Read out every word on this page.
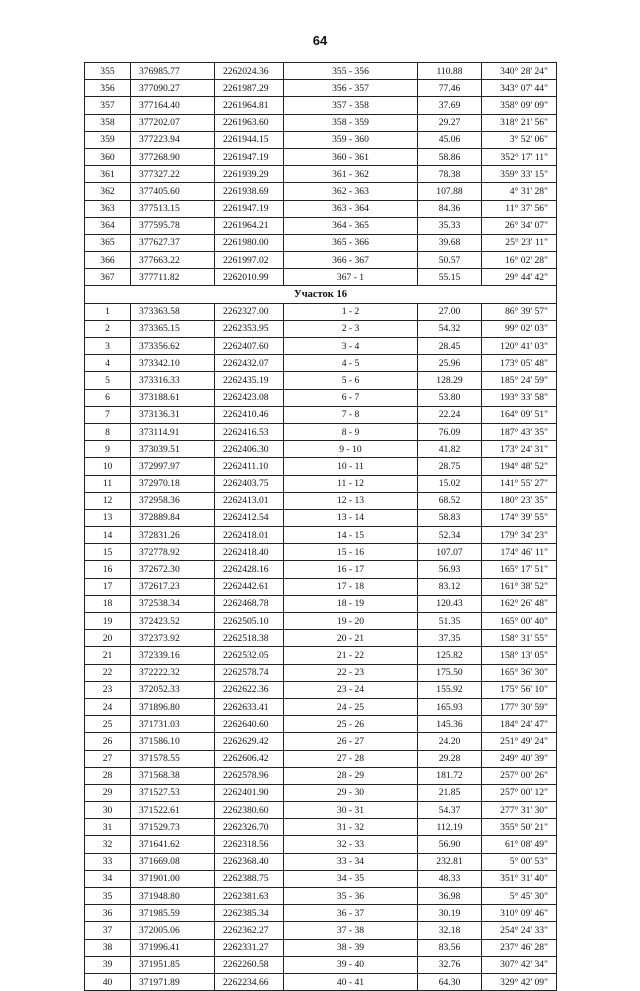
64
355	376985.77	2262024.36	355 - 356	110.88	340° 28' 24"
356	377090.27	2261987.29	356 - 357	77.46	343° 07' 44"
357	377164.40	2261964.81	357 - 358	37.69	358° 09' 09"
358	377202.07	2261963.60	358 - 359	29.27	318° 21' 56"
359	377223.94	2261944.15	359 - 360	45.06	3° 52' 06"
360	377268.90	2261947.19	360 - 361	58.86	352° 17' 11"
361	377327.22	2261939.29	361 - 362	78.38	359° 33' 15"
362	377405.60	2261938.69	362 - 363	107.88	4° 31' 28"
363	377513.15	2261947.19	363 - 364	84.36	11° 37' 56"
364	377595.78	2261964.21	364 - 365	35.33	26° 34' 07"
365	377627.37	2261980.00	365 - 366	39.68	25° 23' 11"
366	377663.22	2261997.02	366 - 367	50.57	16° 02' 28"
367	377711.82	2262010.99	367 - 1	55.15	29° 44' 42"
Участок 16					
1	373363.58	2262327.00	1 - 2	27.00	86° 39' 57"
2	373365.15	2262353.95	2 - 3	54.32	99° 02' 03"
3	373356.62	2262407.60	3 - 4	28.45	120° 41' 03"
4	373342.10	2262432.07	4 - 5	25.96	173° 05' 48"
5	373316.33	2262435.19	5 - 6	128.29	185° 24' 59"
6	373188.61	2262423.08	6 - 7	53.80	193° 33' 58"
7	373136.31	2262410.46	7 - 8	22.24	164° 09' 51"
8	373114.91	2262416.53	8 - 9	76.09	187° 43' 35"
9	373039.51	2262406.30	9 - 10	41.82	173° 24' 31"
10	372997.97	2262411.10	10 - 11	28.75	194° 48' 52"
11	372970.18	2262403.75	11 - 12	15.02	141° 55' 27"
12	372958.36	2262413.01	12 - 13	68.52	180° 23' 35"
13	372889.84	2262412.54	13 - 14	58.83	174° 39' 55"
14	372831.26	2262418.01	14 - 15	52.34	179° 34' 23"
15	372778.92	2262418.40	15 - 16	107.07	174° 46' 11"
16	372672.30	2262428.16	16 - 17	56.93	165° 17' 51"
17	372617.23	2262442.61	17 - 18	83.12	161° 38' 52"
18	372538.34	2262468.78	18 - 19	120.43	162° 26' 48"
19	372423.52	2262505.10	19 - 20	51.35	165° 00' 40"
20	372373.92	2262518.38	20 - 21	37.35	158° 31' 55"
21	372339.16	2262532.05	21 - 22	125.82	158° 13' 05"
22	372222.32	2262578.74	22 - 23	175.50	165° 36' 30"
23	372052.33	2262622.36	23 - 24	155.92	175° 56' 10"
24	371896.80	2262633.41	24 - 25	165.93	177° 30' 59"
25	371731.03	2262640.60	25 - 26	145.36	184° 24' 47"
26	371586.10	2262629.42	26 - 27	24.20	251° 49' 24"
27	371578.55	2262606.42	27 - 28	29.28	249° 40' 39"
28	371568.38	2262578.96	28 - 29	181.72	257° 00' 26"
29	371527.53	2262401.90	29 - 30	21.85	257° 00' 12"
30	371522.61	2262380.60	30 - 31	54.37	277° 31' 30"
31	371529.73	2262326.70	31 - 32	112.19	355° 50' 21"
32	371641.62	2262318.56	32 - 33	56.90	61° 08' 49"
33	371669.08	2262368.40	33 - 34	232.81	5° 00' 53"
34	371901.00	2262388.75	34 - 35	48.33	351° 31' 40"
35	371948.80	2262381.63	35 - 36	36.98	5° 45' 30"
36	371985.59	2262385.34	36 - 37	30.19	310° 09' 46"
37	372005.06	2262362.27	37 - 38	32.18	254° 24' 33"
38	371996.41	2262331.27	38 - 39	83.56	237° 46' 28"
39	371951.85	2262260.58	39 - 40	32.76	307° 42' 34"
40	371971.89	2262234.66	40 - 41	64.30	329° 42' 09"
